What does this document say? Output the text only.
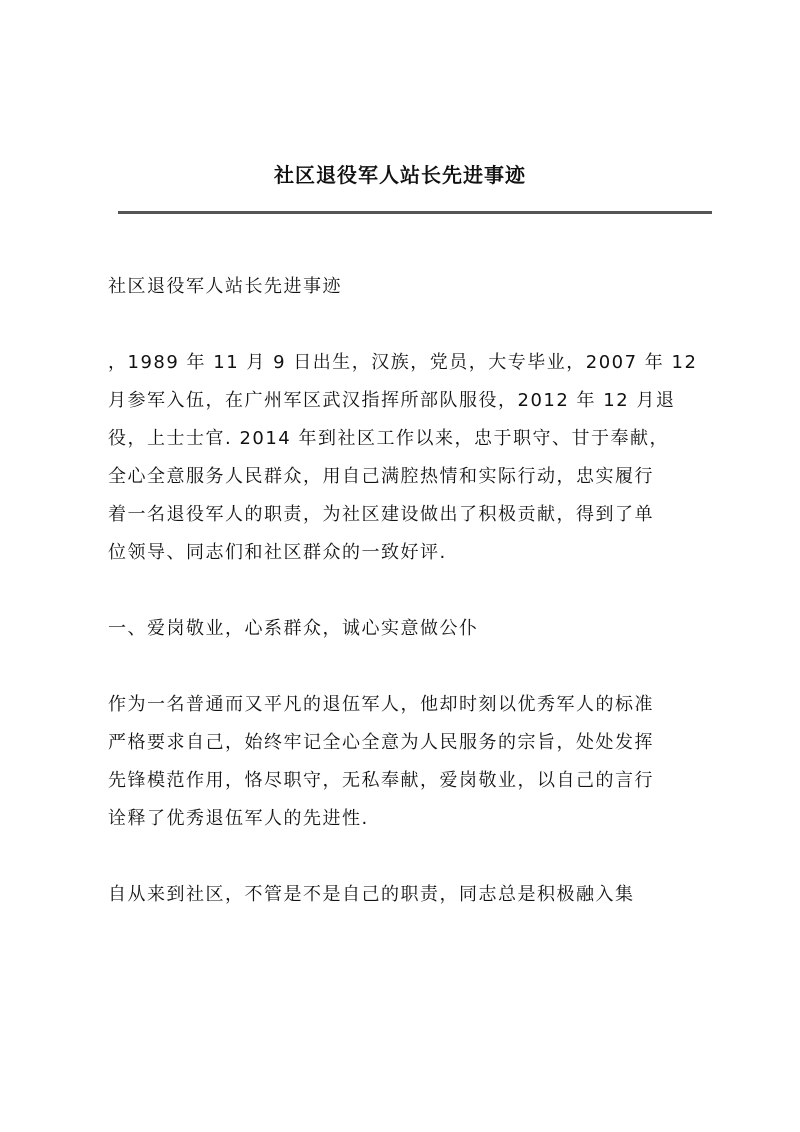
社区退役军人站长先进事迹

社区退役军人站长先进事迹

，1989 年 11 月 9 日出生，汉族，党员，大专毕业，2007 年 12
月参军入伍，在广州军区武汉指挥所部队服役，2012 年 12 月退
役，上士士官. 2014 年到社区工作以来，忠于职守、甘于奉献，
全心全意服务人民群众，用自己满腔热情和实际行动，忠实履行
着一名退役军人的职责，为社区建设做出了积极贡献，得到了单
位领导、同志们和社区群众的一致好评.

一、爱岗敬业，心系群众，诚心实意做公仆

作为一名普通而又平凡的退伍军人，他却时刻以优秀军人的标准
严格要求自己，始终牢记全心全意为人民服务的宗旨，处处发挥
先锋模范作用，恪尽职守，无私奉献，爱岗敬业，以自己的言行
诠释了优秀退伍军人的先进性.

自从来到社区，不管是不是自己的职责，同志总是积极融入集
